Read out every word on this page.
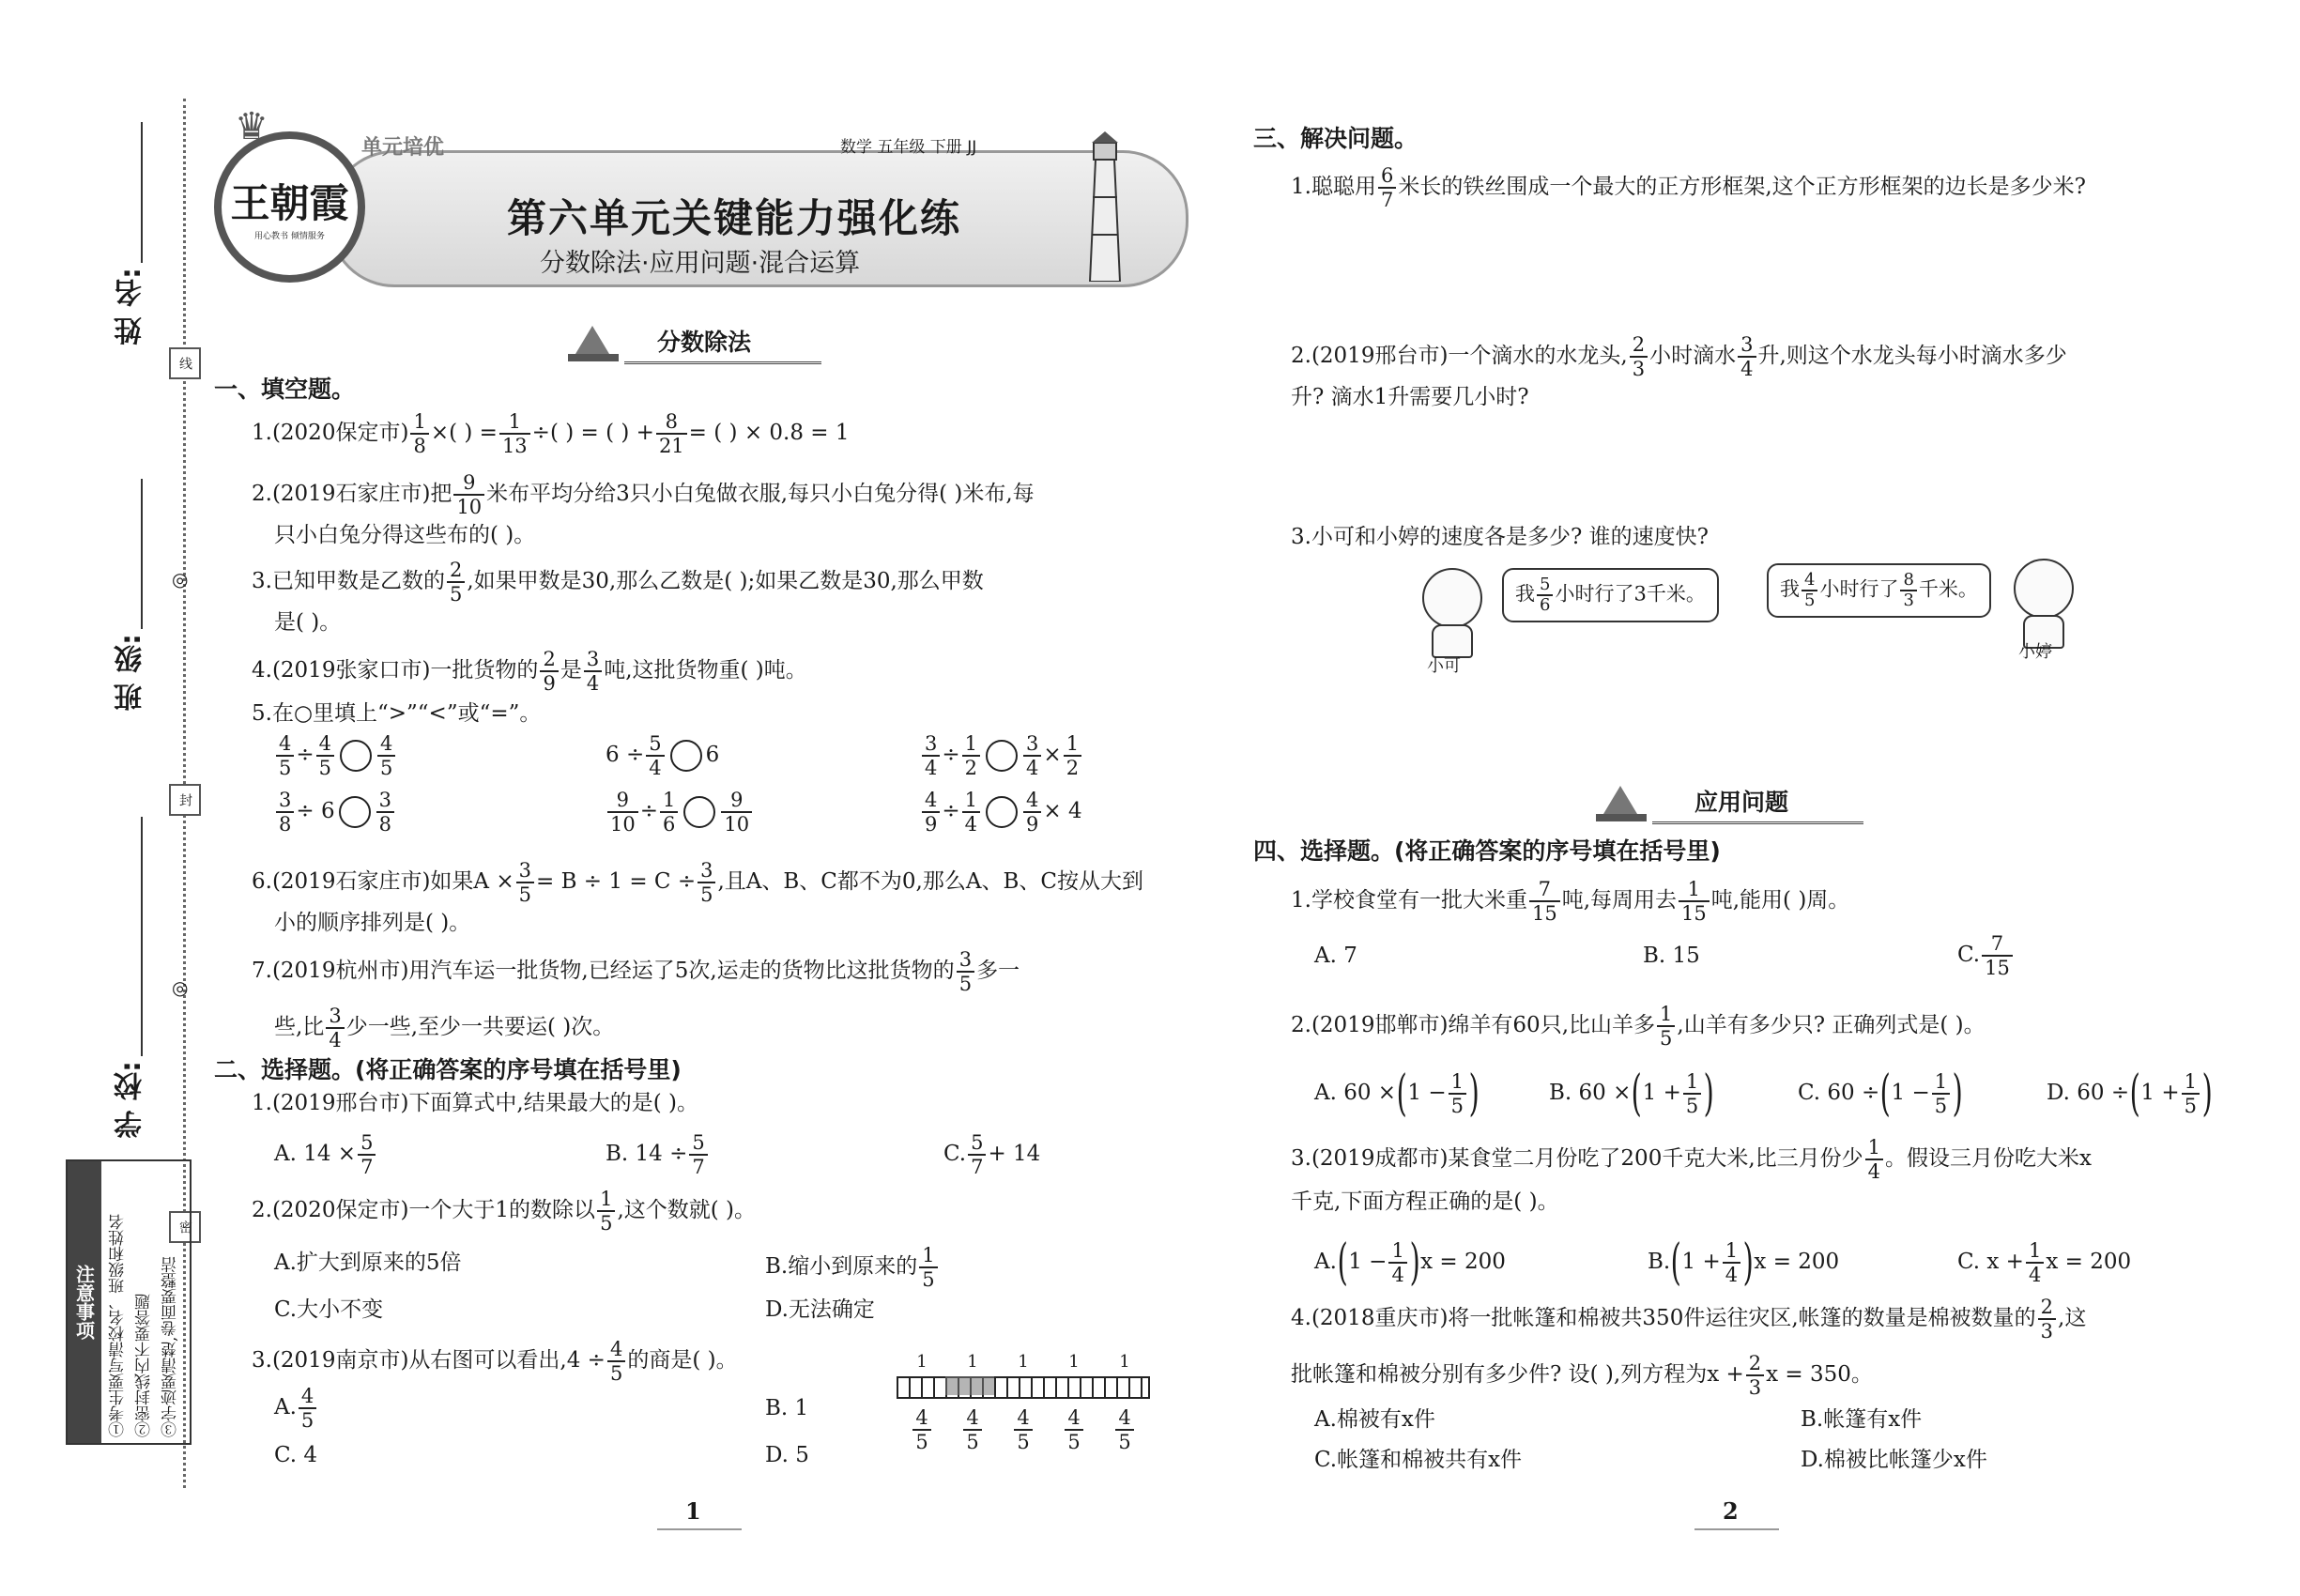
姓 名:
班 级:
学 校:
线
封
密
◎
◎
注意事项 ①考生要写清校名、班级和姓名 ②密封线内不要答题 ③字迹要清楚,卷面要整洁
单元培优	数学 五年级 下册 JJ
王朝霞
用心教书 倾情服务
♛
第六单元关键能力强化练
分数除法·应用问题·混合运算
分数除法
一、填空题。
1.(2020保定市) $\frac{1}{8}$ ×( ) = $\frac{1}{13}$ ÷( ) = ( ) + $\frac{8}{21}$ = ( ) × 0.8 = 1
2.(2019石家庄市)把 $\frac{9}{10}$ 米布平均分给3只小白兔做衣服,每只小白兔分得( )米布,每
只小白兔分得这些布的( )。
3.已知甲数是乙数的 $\frac{2}{5}$ ,如果甲数是30,那么乙数是( );如果乙数是30,那么甲数
是( )。
4.(2019张家口市)一批货物的 $\frac{2}{9}$ 是 $\frac{3}{4}$ 吨,这批货物重( )吨。
5.在○里填上“>”“<”或“=”。
$\frac{4}{5} \div \frac{4}{5} \frac{4}{5}$	$6 \div \frac{5}{4} 6$	$\frac{3}{4} \div \frac{1}{2} \frac{3}{4} \times \frac{1}{2}$
$\frac{3}{8} \div 6 \frac{3}{8}$	$\frac{9}{10} \div \frac{1}{6} \frac{9}{10}$	$\frac{4}{9} \div \frac{1}{4} \frac{4}{9} \times 4$
6.(2019石家庄市)如果$A \times \frac{3}{5} = B \div 1 = C \div \frac{3}{5}$ ,且A、B、C都不为0,那么A、B、C按从大到
小的顺序排列是( )。
7.(2019杭州市)用汽车运一批货物,已经运了5次,运走的货物比这批货物的 $\frac{3}{5}$ 多一
些,比 $\frac{3}{4}$ 少一些,至少一共要运( )次。
二、选择题。(将正确答案的序号填在括号里)
1.(2019邢台市)下面算式中,结果最大的是( )。
A. $14 \times \frac{5}{7}$	B. $14 \div \frac{5}{7}$	C. $\frac{5}{7} + 14$
2.(2020保定市)一个大于1的数除以 $\frac{1}{5}$ ,这个数就( )。
A.扩大到原来的5倍	B.缩小到原来的 $\frac{1}{5}$
C.大小不变	D.无法确定
3.(2019南京市)从右图可以看出$,4 \div \frac{4}{5}$ 的商是( )。
A. $\frac{4}{5}$	B. 1
C. 4	D. 5
1 1 1 1 1
4
5
4
5
4
5
4
5
4
5
1
三、解决问题。
1.聪聪用 $\frac{6}{7}$ 米长的铁丝围成一个最大的正方形框架,这个正方形框架的边长是多少米?
2.(2019邢台市)一个滴水的水龙头, $\frac{2}{3}$ 小时滴水 $\frac{3}{4}$ 升,则这个水龙头每小时滴水多少
升? 滴水1升需要几小时?
3.小可和小婷的速度各是多少? 谁的速度快?
小可
我 $\frac{5}{6}$ 小时行了3千米。	我 $\frac{4}{5}$ 小时行了 $\frac{8}{3}$ 千米。
小婷
应用问题
四、选择题。(将正确答案的序号填在括号里)
1.学校食堂有一批大米重 $\frac{7}{15}$ 吨,每周用去 $\frac{1}{15}$ 吨,能用( )周。
A. 7	B. 15	C. $\frac{7}{15}$
2.(2019邯郸市)绵羊有60只,比山羊多 $\frac{1}{5}$ ,山羊有多少只? 正确列式是( )。
A. $60 \times(1 - \frac{1}{5}$ )	B. $60 \times(1 + \frac{1}{5}$ )	C. $60 \div(1 - \frac{1}{5}$ )	D. $60 \div(1 + \frac{1}{5}$ )
3.(2019成都市)某食堂二月份吃了200千克大米,比三月份少 $\frac{1}{4}$ 。假设三月份吃大米x
千克,下面方程正确的是( )。
$A.(1 - \frac{1}{4} )x = 200$	$B.(1 + \frac{1}{4} )x = 200$	C. $x + \frac{1}{4}$ x = 200
4.(2018重庆市)将一批帐篷和棉被共350件运往灾区,帐篷的数量是棉被数量的 $\frac{2}{3}$ ,这
批帐篷和棉被分别有多少件? 设( ),列方程为$x + \frac{2}{3}$ x = 350。
A.棉被有x件	B.帐篷有x件
C.帐篷和棉被共有x件	D.棉被比帐篷少x件
2
